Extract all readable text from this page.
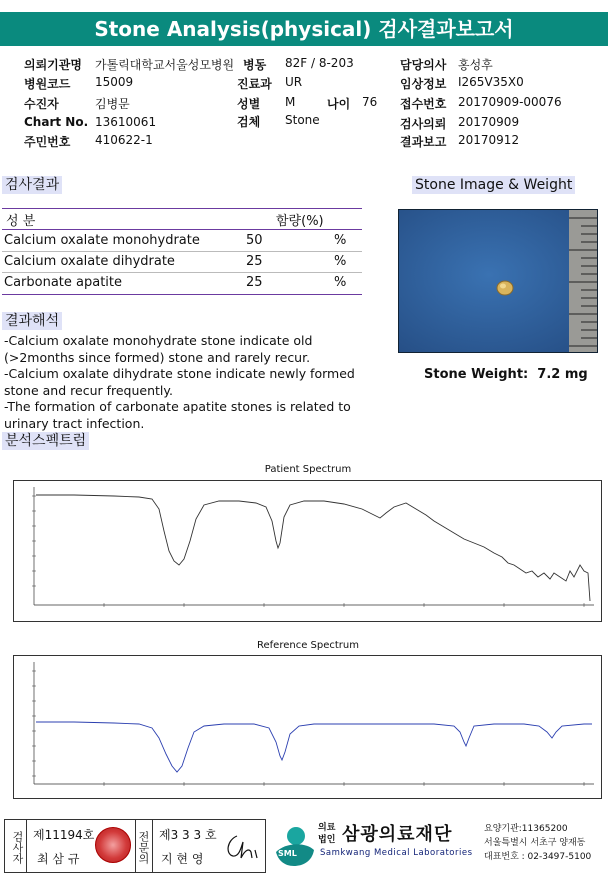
Stone Analysis(physical) 검사결과보고서
의뢰기관명 가톨릭대학교서울성모병원 병동 82F / 8-203	담당의사 홍성후
병원코드 15009	진료과 UR	임상정보 I265V35X0
수진자	김병문	성별 M	나이 76 접수번호 20170909-00076
Chart No. 13610061	검체 Stone	검사의뢰 20170909
주민번호 410622-1	결과보고 20170912
검사결과
성 분	함량(%)
Calcium oxalate monohydrate	50	%
Calcium oxalate dihydrate	25	%
Carbonate apatite	25	%
Stone Image & Weight
Stone Weight: 7.2 mg
결과해석
-Calcium oxalate monohydrate stone indicate old (>2months since formed) stone and rarely recur.
-Calcium oxalate dihydrate stone indicate newly formed stone and recur frequently.
-The formation of carbonate apatite stones is related to urinary tract infection.
분석스펙트럼
Patient Spectrum
Reference Spectrum
검사자 제11194호
최 삼 규	전문의 제3 3 3 호
지 현 영	SML
의료법인 삼광의료재단
Samkwang Medical Laboratories
요양기관:11365200
서울특별시 서초구 양재동
대표번호 : 02-3497-5100
